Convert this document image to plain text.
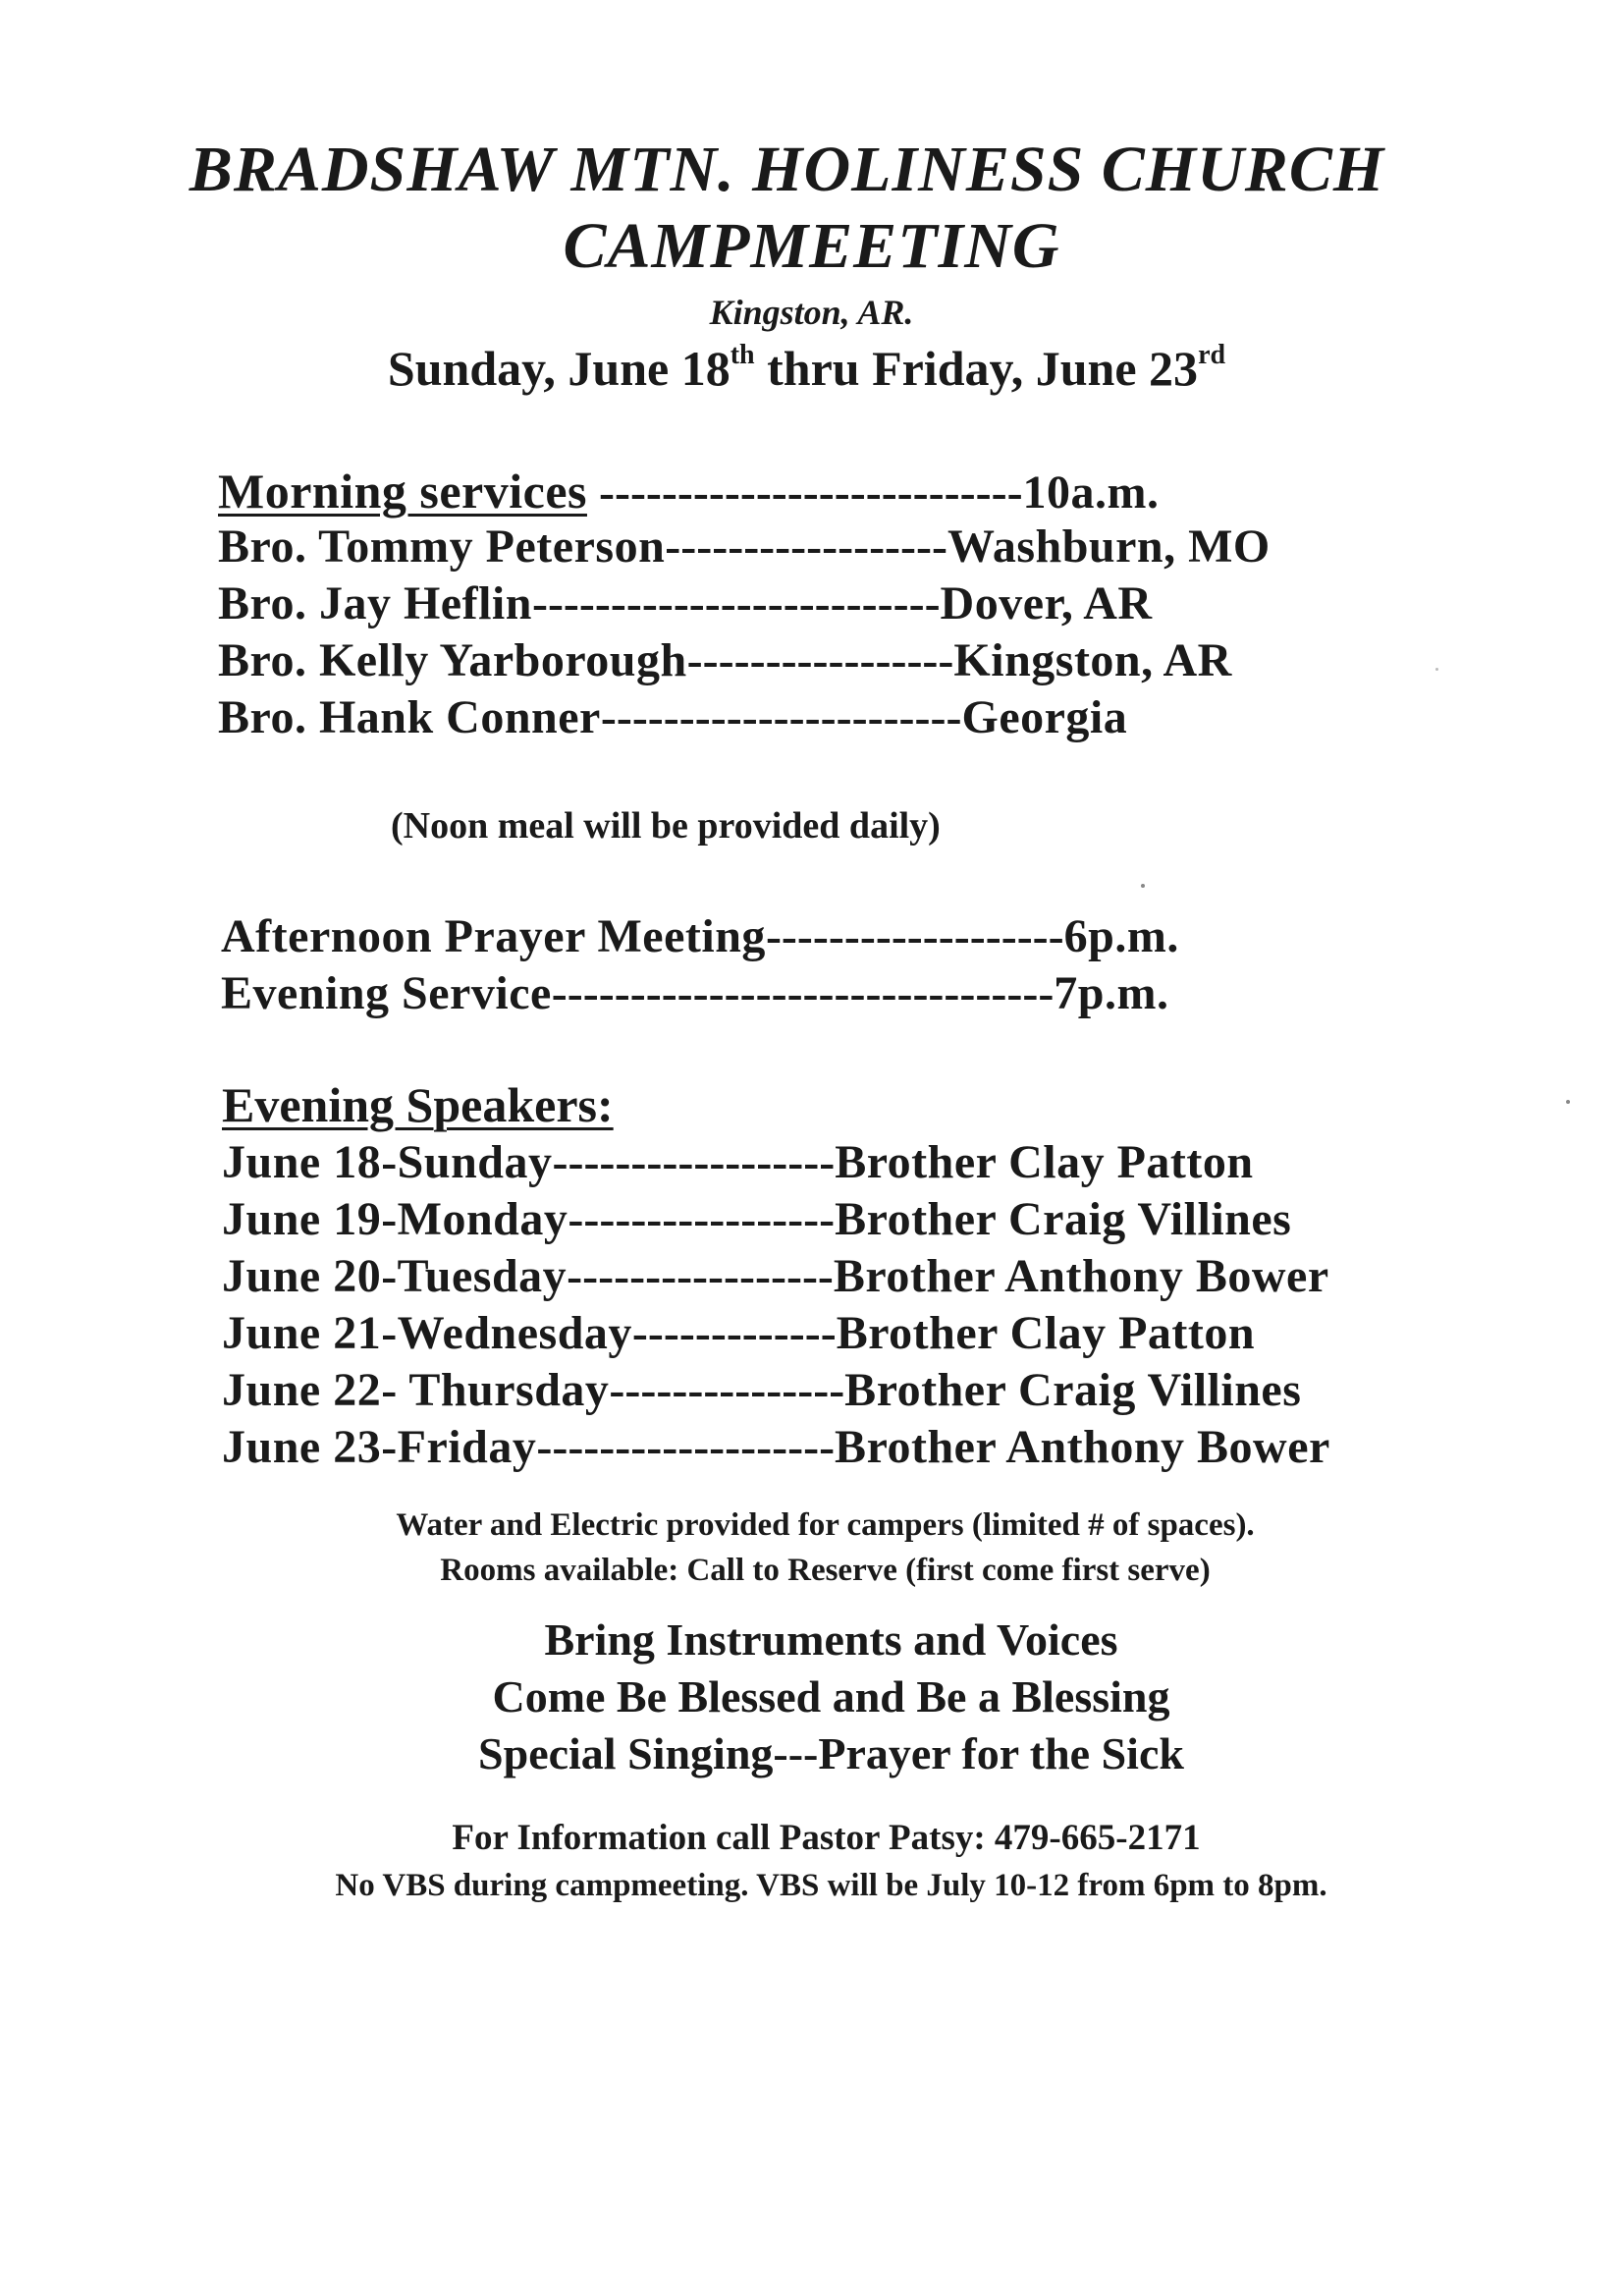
BRADSHAW MTN. HOLINESS CHURCH
CAMPMEETING
Kingston, AR.
Sunday, June 18th thru Friday, June 23rd
Morning services ---------------------------10a.m.
Bro. Tommy Peterson------------------Washburn, MO
Bro. Jay Heflin--------------------------Dover, AR
Bro. Kelly Yarborough-----------------Kingston, AR
Bro. Hank Conner-----------------------Georgia
(Noon meal will be provided daily)
Afternoon Prayer Meeting-------------------6p.m.
Evening Service--------------------------------7p.m.
Evening Speakers:
June 18-Sunday------------------Brother Clay Patton
June 19-Monday-----------------Brother Craig Villines
June 20-Tuesday-----------------Brother Anthony Bower
June 21-Wednesday-------------Brother Clay Patton
June 22- Thursday---------------Brother Craig Villines
June 23-Friday-------------------Brother Anthony Bower
Water and Electric provided for campers (limited # of spaces).
Rooms available: Call to Reserve (first come first serve)
Bring Instruments and Voices
Come Be Blessed and Be a Blessing
Special Singing---Prayer for the Sick
For Information call Pastor Patsy: 479-665-2171
No VBS during campmeeting. VBS will be July 10-12 from 6pm to 8pm.
